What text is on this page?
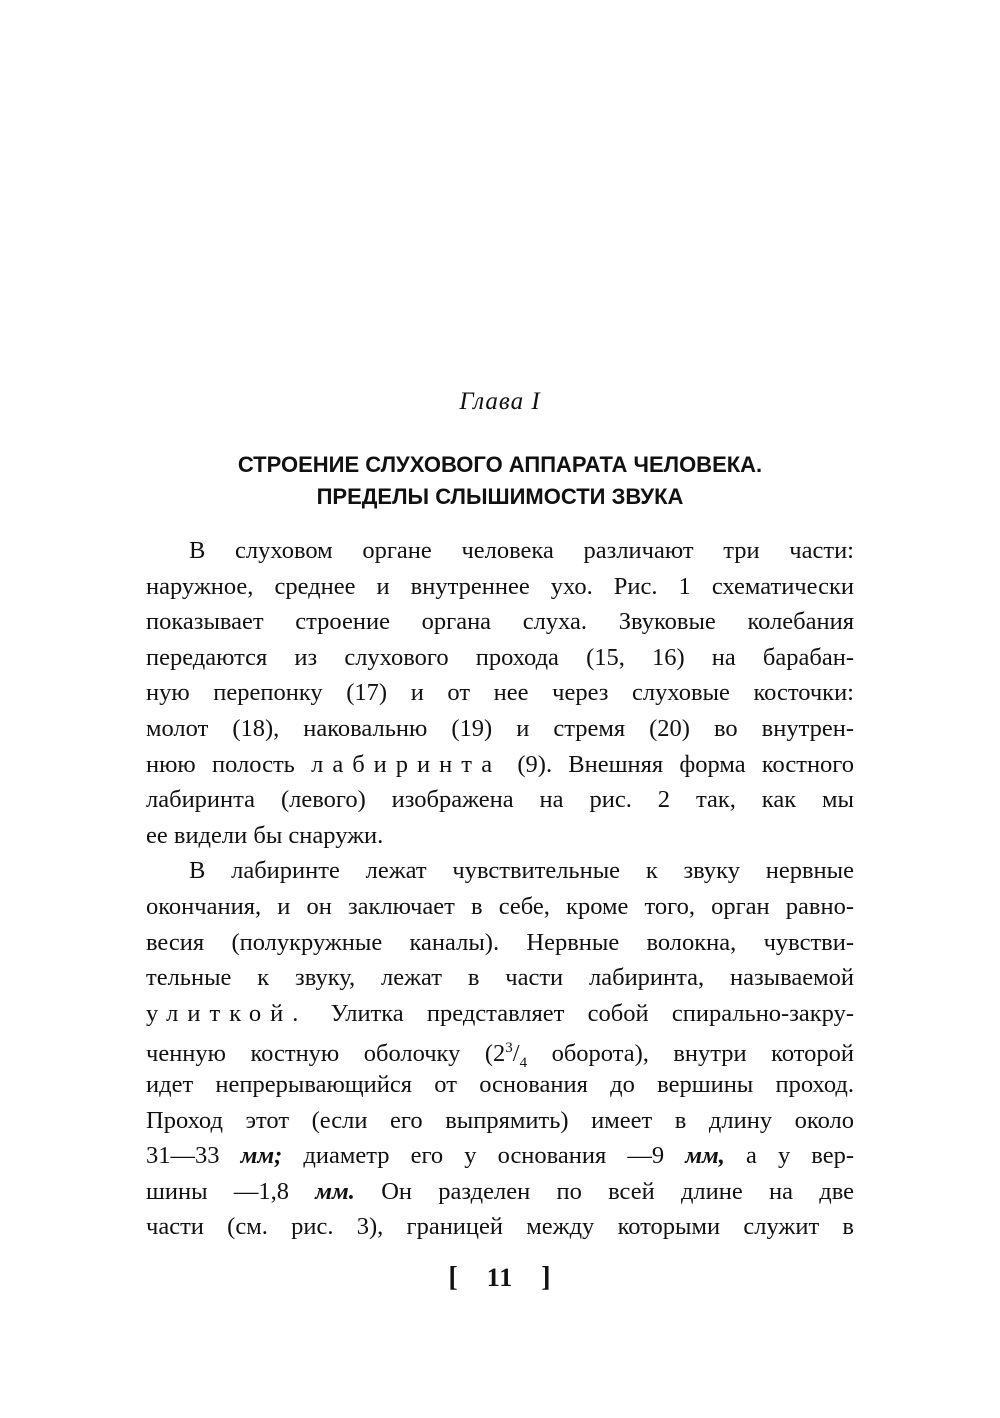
Глава I
СТРОЕНИЕ СЛУХОВОГО АППАРАТА ЧЕЛОВЕКА.
ПРЕДЕЛЫ СЛЫШИМОСТИ ЗВУКА
В слуховом органе человека различают три части:
наружное, среднее и внутреннее ухо. Рис. 1 схематически
показывает строение органа слуха. Звуковые колебания
передаются из слухового прохода (15, 16) на барабан-
ную перепонку (17) и от нее через слуховые косточки:
молот (18), наковальню (19) и стремя (20) во внутрен-
нюю полость лабиринта (9). Внешняя форма костного
лабиринта (левого) изображена на рис. 2 так, как мы
ее видели бы снаружи.
В лабиринте лежат чувствительные к звуку нервные
окончания, и он заключает в себе, кроме того, орган равно-
весия (полукружные каналы). Нервные волокна, чувстви-
тельные к звуку, лежат в части лабиринта, называемой
улиткой. Улитка представляет собой спирально-закру-
ченную костную оболочку ($2^3/_4$ оборота), внутри которой
идет непрерывающийся от основания до вершины проход.
Проход этот (если его выпрямить) имеет в длину около
31—33 мм; диаметр его у основания —9 мм, а у вер-
шины —1,8 мм. Он разделен по всей длине на две
части (см. рис. 3), границей между которыми служит в
[ 11 ]
